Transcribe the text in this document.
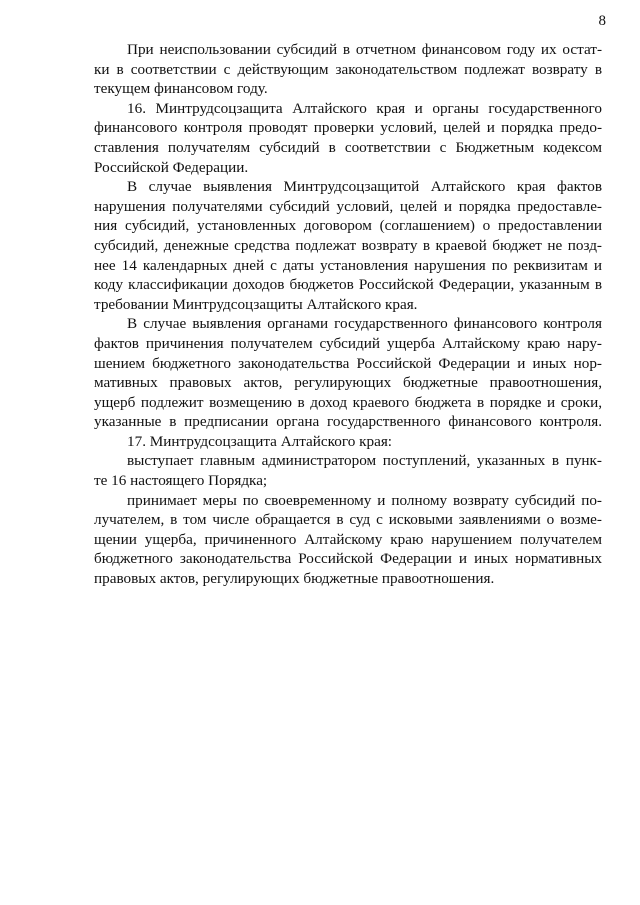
8
При неиспользовании субсидий в отчетном финансовом году их остат-
ки в соответствии с действующим законодательством подлежат возврату в
текущем финансовом году.
16. Минтрудсоцзащита Алтайского края и органы государственного
финансового контроля проводят проверки условий, целей и порядка предо-
ставления получателям субсидий в соответствии с Бюджетным кодексом
Российской Федерации.
В случае выявления Минтрудсоцзащитой Алтайского края фактов
нарушения получателями субсидий условий, целей и порядка предоставле-
ния субсидий, установленных договором (соглашением) о предоставлении
субсидий, денежные средства подлежат возврату в краевой бюджет не позд-
нее 14 календарных дней с даты установления нарушения по реквизитам и
коду классификации доходов бюджетов Российской Федерации, указанным в
требовании Минтрудсоцзащиты Алтайского края.
В случае выявления органами государственного финансового контроля
фактов причинения получателем субсидий ущерба Алтайскому краю нару-
шением бюджетного законодательства Российской Федерации и иных нор-
мативных правовых актов, регулирующих бюджетные правоотношения,
ущерб подлежит возмещению в доход краевого бюджета в порядке и сроки,
указанные в предписании органа государственного финансового контроля.
17. Минтрудсоцзащита Алтайского края:
выступает главным администратором поступлений, указанных в пунк-
те 16 настоящего Порядка;
принимает меры по своевременному и полному возврату субсидий по-
лучателем, в том числе обращается в суд с исковыми заявлениями о возме-
щении ущерба, причиненного Алтайскому краю нарушением получателем
бюджетного законодательства Российской Федерации и иных нормативных
правовых актов, регулирующих бюджетные правоотношения.
